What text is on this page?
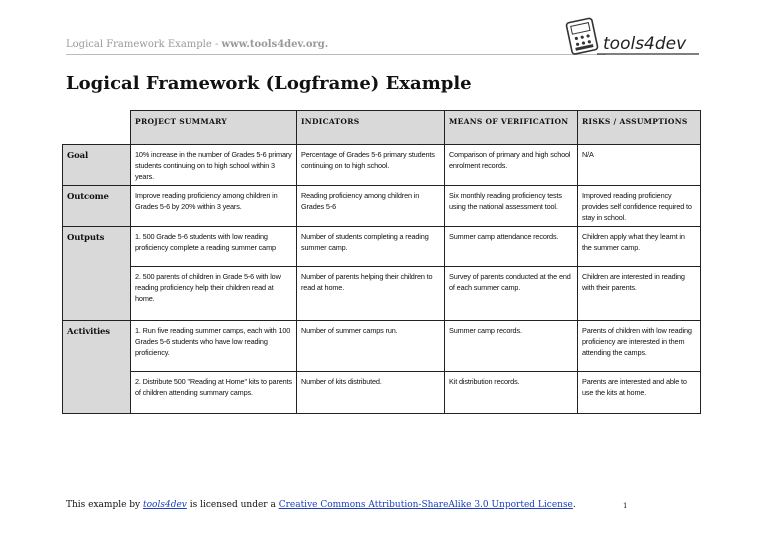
Logical Framework Example - www.tools4dev.org.	tools4dev
Logical Framework (Logframe) Example
	PROJECT SUMMARY	INDICATORS	MEANS OF VERIFICATION	RISKS / ASSUMPTIONS
Goal	10% increase in the number of Grades 5-6 primary students continuing on to high school within 3 years.	Percentage of Grades 5-6 primary students continuing on to high school.	Comparison of primary and high school enrolment records.	N/A
Outcome	Improve reading proficiency among children in Grades 5-6 by 20% within 3 years.	Reading proficiency among children in Grades 5-6	Six monthly reading proficiency tests using the national assessment tool.	Improved reading proficiency provides self confidence required to stay in school.
Outputs	1. 500 Grade 5-6 students with low reading proficiency complete a reading summer camp	Number of students completing a reading summer camp.	Summer camp attendance records.	Children apply what they learnt in the summer camp.
	2. 500 parents of children in Grade 5-6 with low reading proficiency help their children read at home.	Number of parents helping their children to read at home.	Survey of parents conducted at the end of each summer camp.	Children are interested in reading with their parents.
Activities	1. Run five reading summer camps, each with 100 Grades 5-6 students who have low reading proficiency.	Number of summer camps run.	Summer camp records.	Parents of children with low reading proficiency are interested in them attending the camps.
	2. Distribute 500 "Reading at Home" kits to parents of children attending summary camps.	Number of kits distributed.	Kit distribution records.	Parents are interested and able to use the kits at home.
This example by tools4dev is licensed under a Creative Commons Attribution-ShareAlike 3.0 Unported License.	1
